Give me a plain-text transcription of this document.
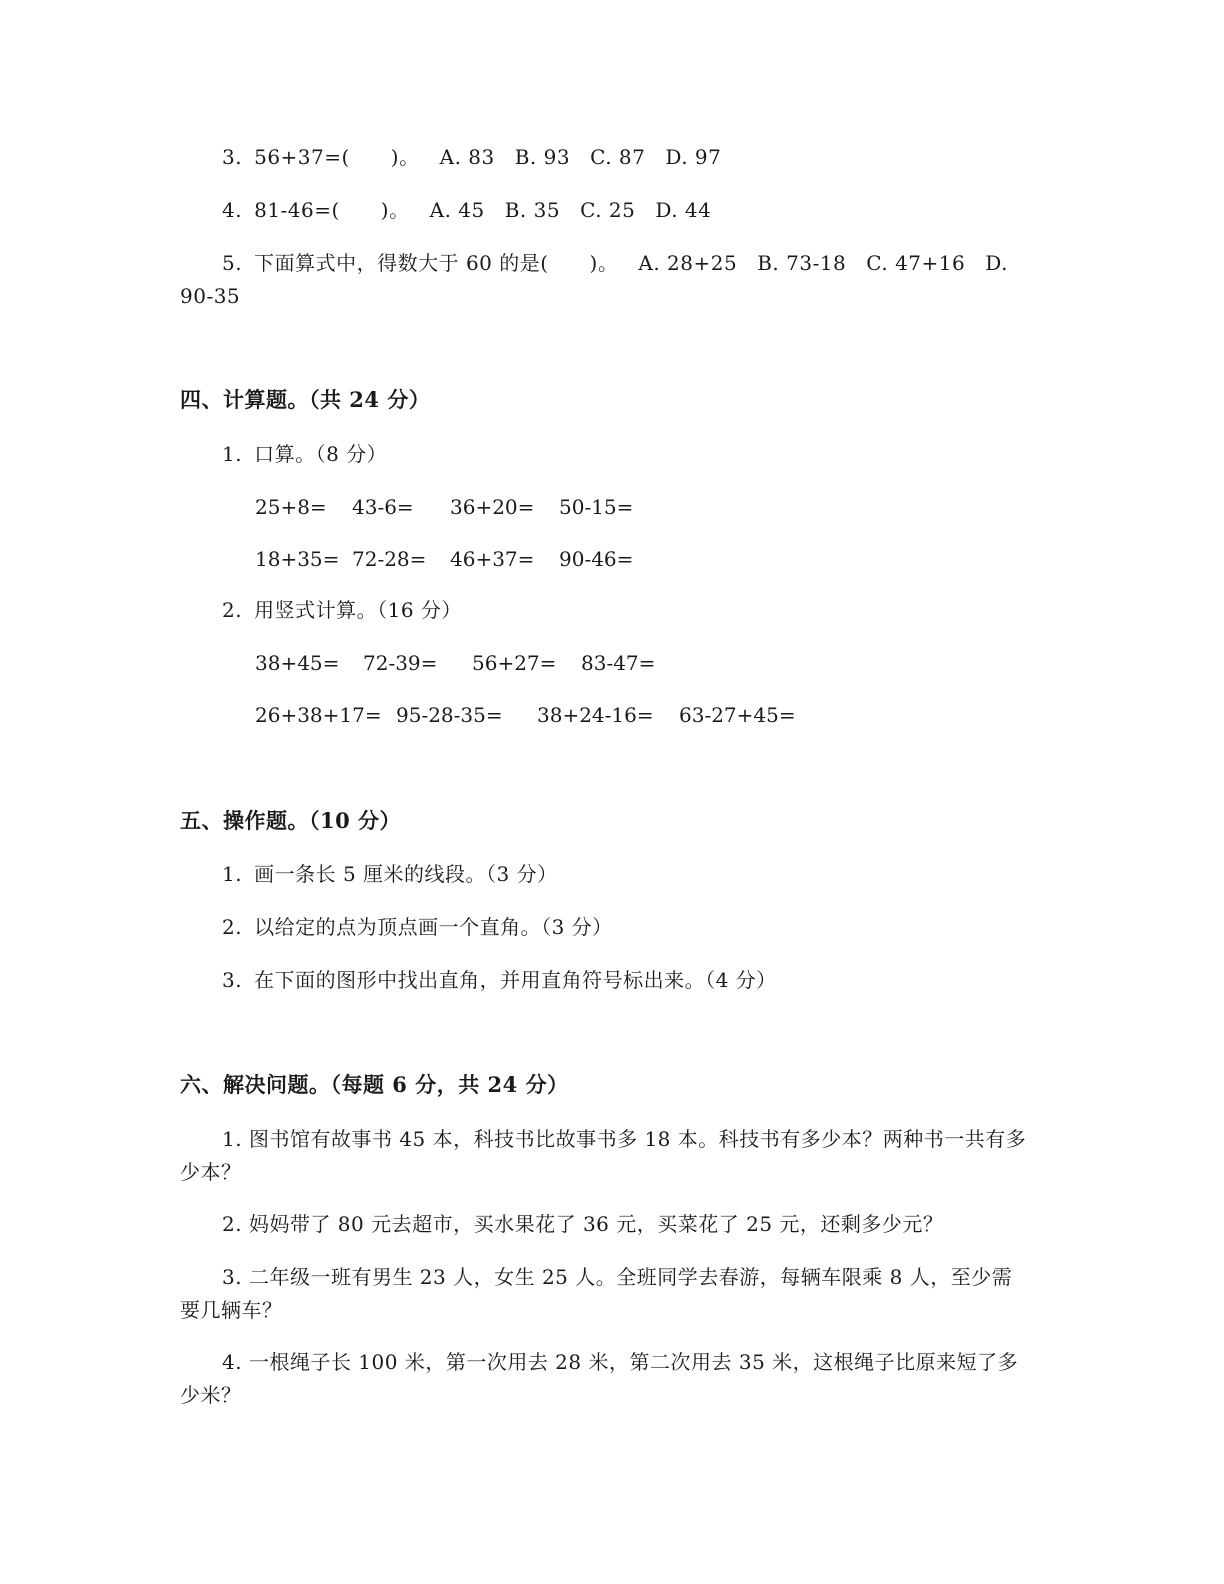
3. 56+37=(　　)。 A. 83 B. 93 C. 87 D. 97
4. 81-46=(　　)。 A. 45 B. 35 C. 25 D. 44
5. 下面算式中，得数大于 60 的是(　　)。 A. 28+25 B. 73-18 C. 47+16 D.
90-35
四、计算题。（共 24 分）
1. 口算。（8 分）
25+8= 43-6= 36+20= 50-15=
18+35= 72-28= 46+37= 90-46=
2. 用竖式计算。（16 分）
38+45= 72-39= 56+27= 83-47=
26+38+17= 95-28-35= 38+24-16= 63-27+45=
五、操作题。（10 分）
1. 画一条长 5 厘米的线段。（3 分）
2. 以给定的点为顶点画一个直角。（3 分）
3. 在下面的图形中找出直角，并用直角符号标出来。（4 分）
六、解决问题。（每题 6 分，共 24 分）
1. 图书馆有故事书 45 本，科技书比故事书多 18 本。科技书有多少本？两种书一共有多少本？
2. 妈妈带了 80 元去超市，买水果花了 36 元，买菜花了 25 元，还剩多少元？
3. 二年级一班有男生 23 人，女生 25 人。全班同学去春游，每辆车限乘 8 人，至少需要几辆车？
4. 一根绳子长 100 米，第一次用去 28 米，第二次用去 35 米，这根绳子比原来短了多少米？
